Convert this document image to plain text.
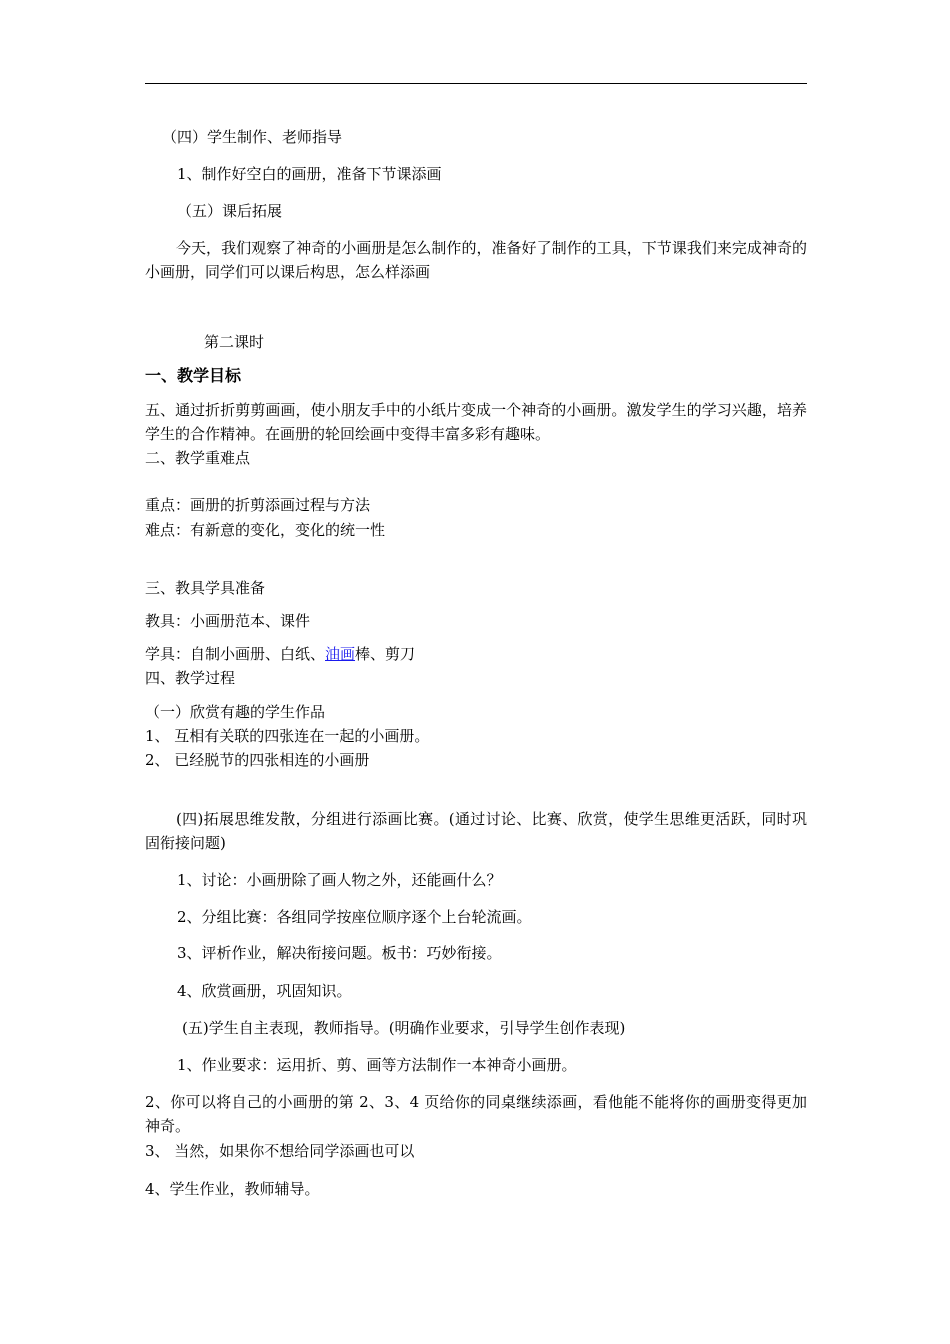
（四）学生制作、老师指导
1、制作好空白的画册，准备下节课添画
（五）课后拓展
今天，我们观察了神奇的小画册是怎么制作的，准备好了制作的工具，下节课我们来完成神奇的小画册，同学们可以课后构思，怎么样添画
第二课时
一、教学目标
五、通过折折剪剪画画，使小朋友手中的小纸片变成一个神奇的小画册。激发学生的学习兴趣，培养学生的合作精神。在画册的轮回绘画中变得丰富多彩有趣味。
二、教学重难点
重点：画册的折剪添画过程与方法
难点：有新意的变化，变化的统一性
三、教具学具准备
教具：小画册范本、课件
学具：自制小画册、白纸、油画棒、剪刀
四、教学过程
（一）欣赏有趣的学生作品
1、 互相有关联的四张连在一起的小画册。
2、 已经脱节的四张相连的小画册
(四)拓展思维发散，分组进行添画比赛。(通过讨论、比赛、欣赏，使学生思维更活跃，同时巩固衔接问题)
1、讨论：小画册除了画人物之外，还能画什么？
2、分组比赛：各组同学按座位顺序逐个上台轮流画。
3、评析作业，解决衔接问题。板书：巧妙衔接。
4、欣赏画册，巩固知识。
(五)学生自主表现，教师指导。(明确作业要求，引导学生创作表现)
1、作业要求：运用折、剪、画等方法制作一本神奇小画册。
2、你可以将自己的小画册的第 2、3、4 页给你的同桌继续添画，看他能不能将你的画册变得更加神奇。
3、 当然，如果你不想给同学添画也可以
4、学生作业，教师辅导。
